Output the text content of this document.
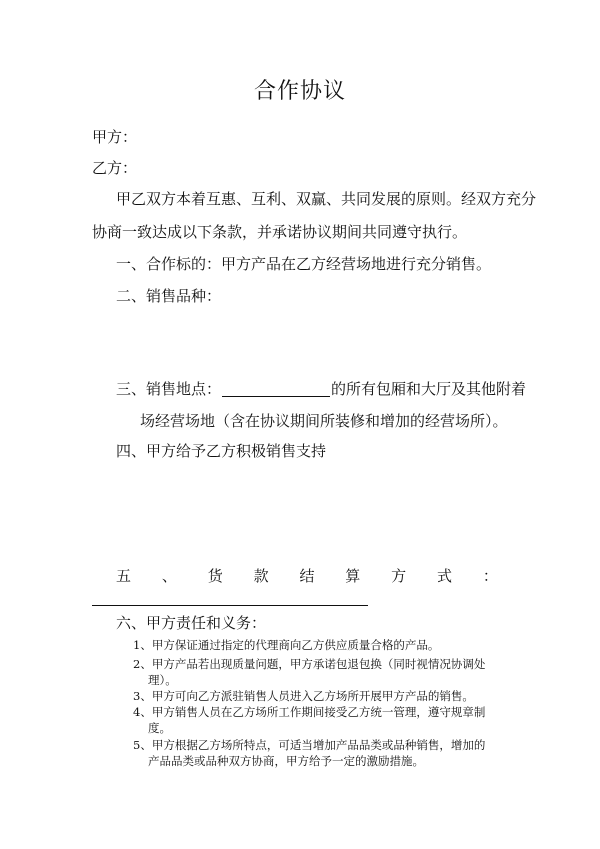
合作协议
甲方：
乙方：
甲乙双方本着互惠、互利、双赢、共同发展的原则。经双方充分
协商一致达成以下条款，并承诺协议期间共同遵守执行。
一、合作标的：甲方产品在乙方经营场地进行充分销售。
二、销售品种：
三、销售地点：	的所有包厢和大厅及其他附着
场经营场地（含在协议期间所装修和增加的经营场所）。
四、甲方给予乙方积极销售支持
五 、 货 款 结 算 方 式 ：
六、甲方责任和义务：
1、甲方保证通过指定的代理商向乙方供应质量合格的产品。
2、甲方产品若出现质量问题，甲方承诺包退包换（同时视情况协调处
理）。
3、甲方可向乙方派驻销售人员进入乙方场所开展甲方产品的销售。
4、甲方销售人员在乙方场所工作期间接受乙方统一管理，遵守规章制
度。
5、甲方根据乙方场所特点，可适当增加产品品类或品种销售，增加的
产品品类或品种双方协商，甲方给予一定的激励措施。
